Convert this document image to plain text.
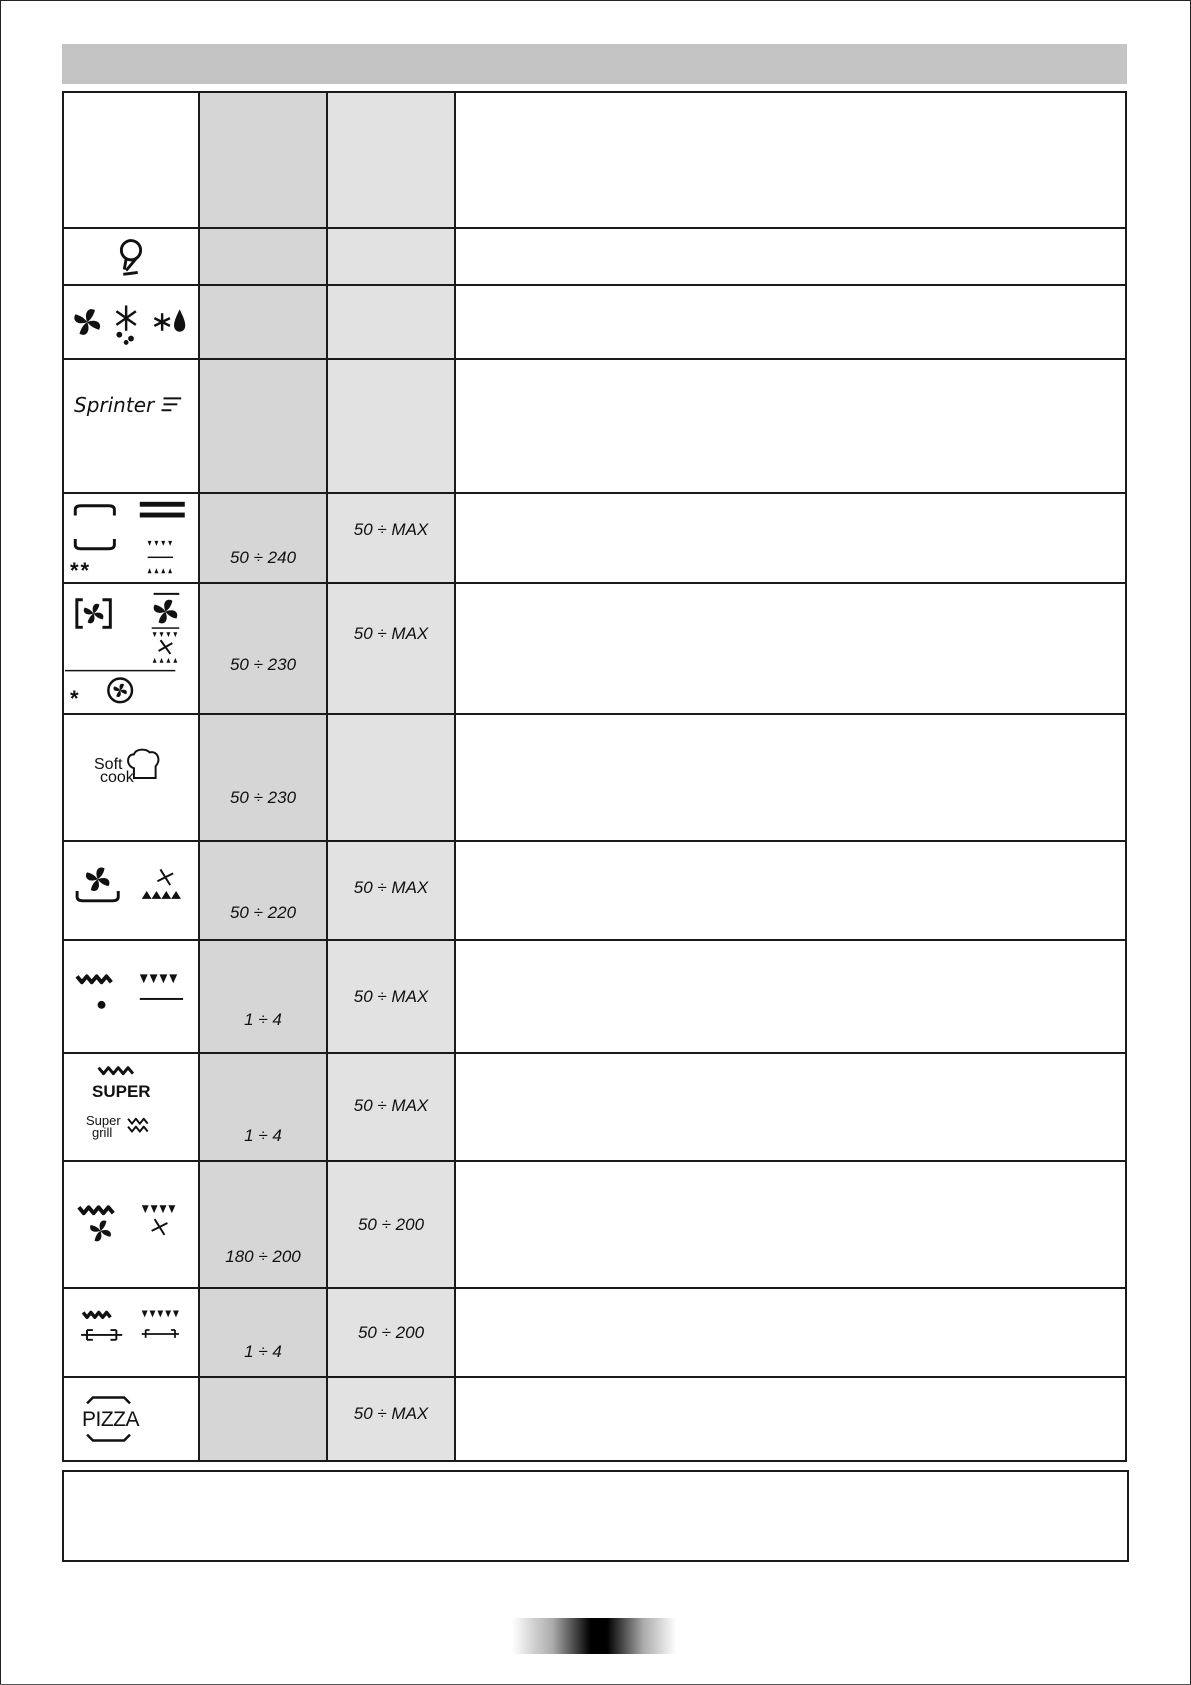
Sprinter			

**	50 ÷ 240	50 ÷ MAX	

*	50 ÷ 230	50 ÷ MAX	

Soft
cook	50 ÷ 230		

50 ÷ 220	50 ÷ MAX	

1 ÷ 4	50 ÷ MAX	

SUPER
Super
grill	1 ÷ 4	50 ÷ MAX	

180 ÷ 200	50 ÷ 200	

1 ÷ 4	50 ÷ 200	

PIZZA		50 ÷ MAX	
